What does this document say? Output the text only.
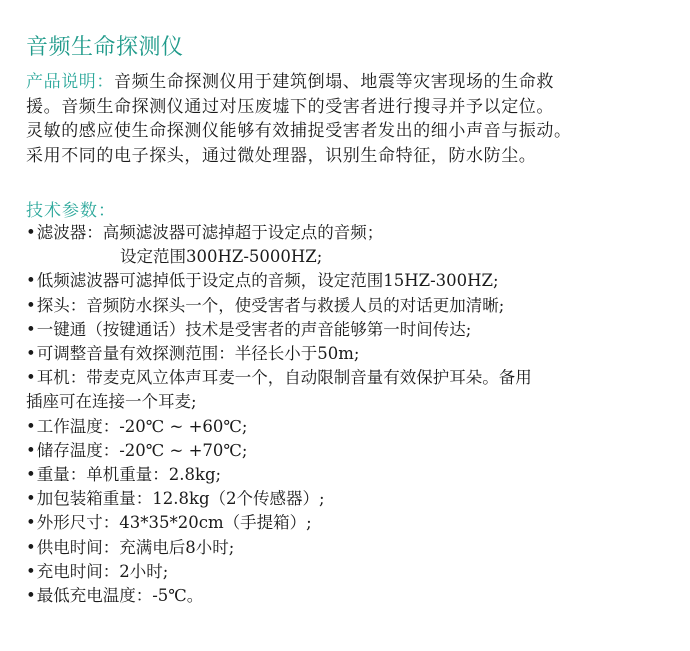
音频生命探测仪
产品说明：音频生命探测仪用于建筑倒塌、地震等灾害现场的生命救
援。音频生命探测仪通过对压废墟下的受害者进行搜寻并予以定位。
灵敏的感应使生命探测仪能够有效捕捉受害者发出的细小声音与振动。
采用不同的电子探头，通过微处理器，识别生命特征，防水防尘。
技术参数：
•滤波器：高频滤波器可滤掉超于设定点的音频；
设定范围300HZ-5000HZ;
•低频滤波器可滤掉低于设定点的音频，设定范围15HZ-300HZ;
•探头：音频防水探头一个，使受害者与救援人员的对话更加清晰;
•一键通（按键通话）技术是受害者的声音能够第一时间传达;
•可调整音量有效探测范围：半径长小于50m;
•耳机：带麦克风立体声耳麦一个，自动限制音量有效保护耳朵。备用
插座可在连接一个耳麦;
•工作温度：-20℃ ~ +60℃;
•储存温度：-20℃ ~ +70℃;
•重量：单机重量：2.8kg;
•加包装箱重量：12.8kg（2个传感器）;
•外形尺寸：43*35*20cm（手提箱）;
•供电时间：充满电后8小时;
•充电时间：2小时;
•最低充电温度：-5℃。
